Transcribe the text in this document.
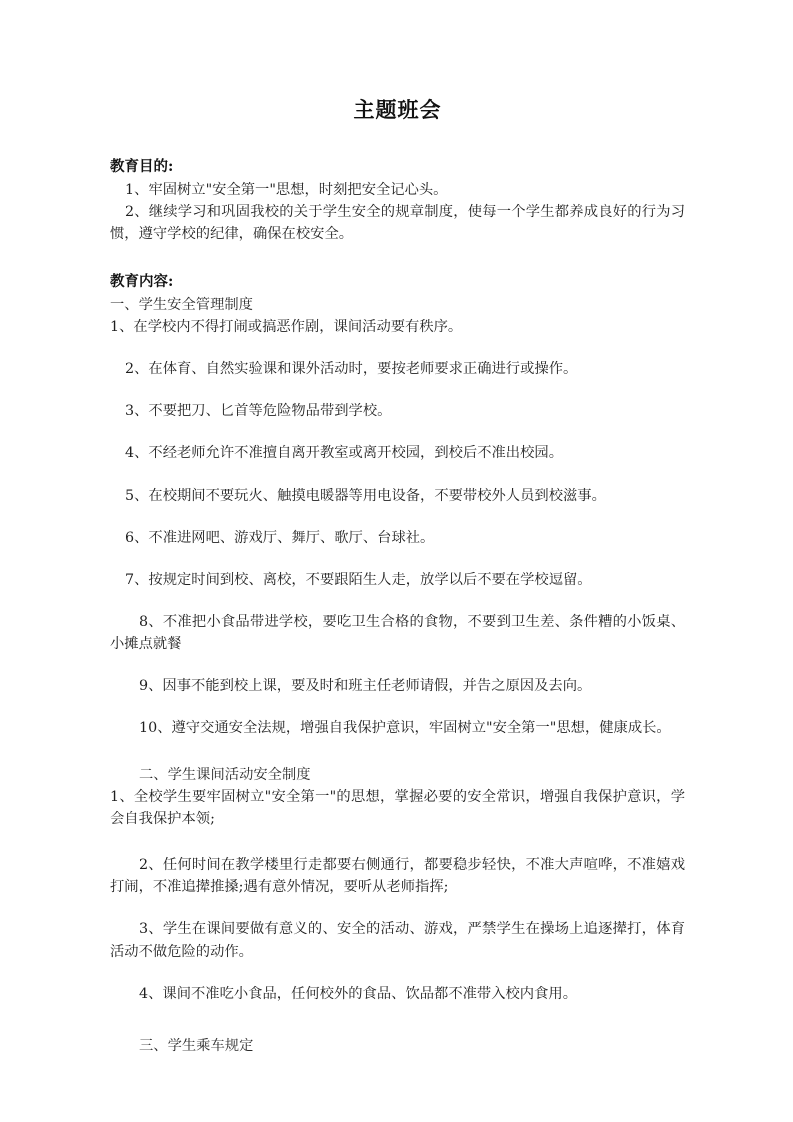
主题班会

教育目的:

1、牢固树立"安全第一"思想，时刻把安全记心头。

2、继续学习和巩固我校的关于学生安全的规章制度，使每一个学生都养成良好的行为习惯，遵守学校的纪律，确保在校安全。

教育内容:

一、学生安全管理制度

1、在学校内不得打闹或搞恶作剧，课间活动要有秩序。

2、在体育、自然实验课和课外活动时，要按老师要求正确进行或操作。

3、不要把刀、匕首等危险物品带到学校。

4、不经老师允许不准擅自离开教室或离开校园，到校后不准出校园。

5、在校期间不要玩火、触摸电暖器等用电设备，不要带校外人员到校滋事。

6、不准进网吧、游戏厅、舞厅、歌厅、台球社。

7、按规定时间到校、离校，不要跟陌生人走，放学以后不要在学校逗留。

8、不准把小食品带进学校，要吃卫生合格的食物，不要到卫生差、条件糟的小饭桌、小摊点就餐

9、因事不能到校上课，要及时和班主任老师请假，并告之原因及去向。

10、遵守交通安全法规，增强自我保护意识，牢固树立"安全第一"思想，健康成长。

二、学生课间活动安全制度

1、全校学生要牢固树立"安全第一"的思想，掌握必要的安全常识，增强自我保护意识，学会自我保护本领;

2、任何时间在教学楼里行走都要右侧通行，都要稳步轻快，不准大声喧哗，不准嬉戏打闹，不准追撵推搡;遇有意外情况，要听从老师指挥;

3、学生在课间要做有意义的、安全的活动、游戏，严禁学生在操场上追逐撵打，体育活动不做危险的动作。

4、课间不准吃小食品，任何校外的食品、饮品都不准带入校内食用。

三、学生乘车规定
